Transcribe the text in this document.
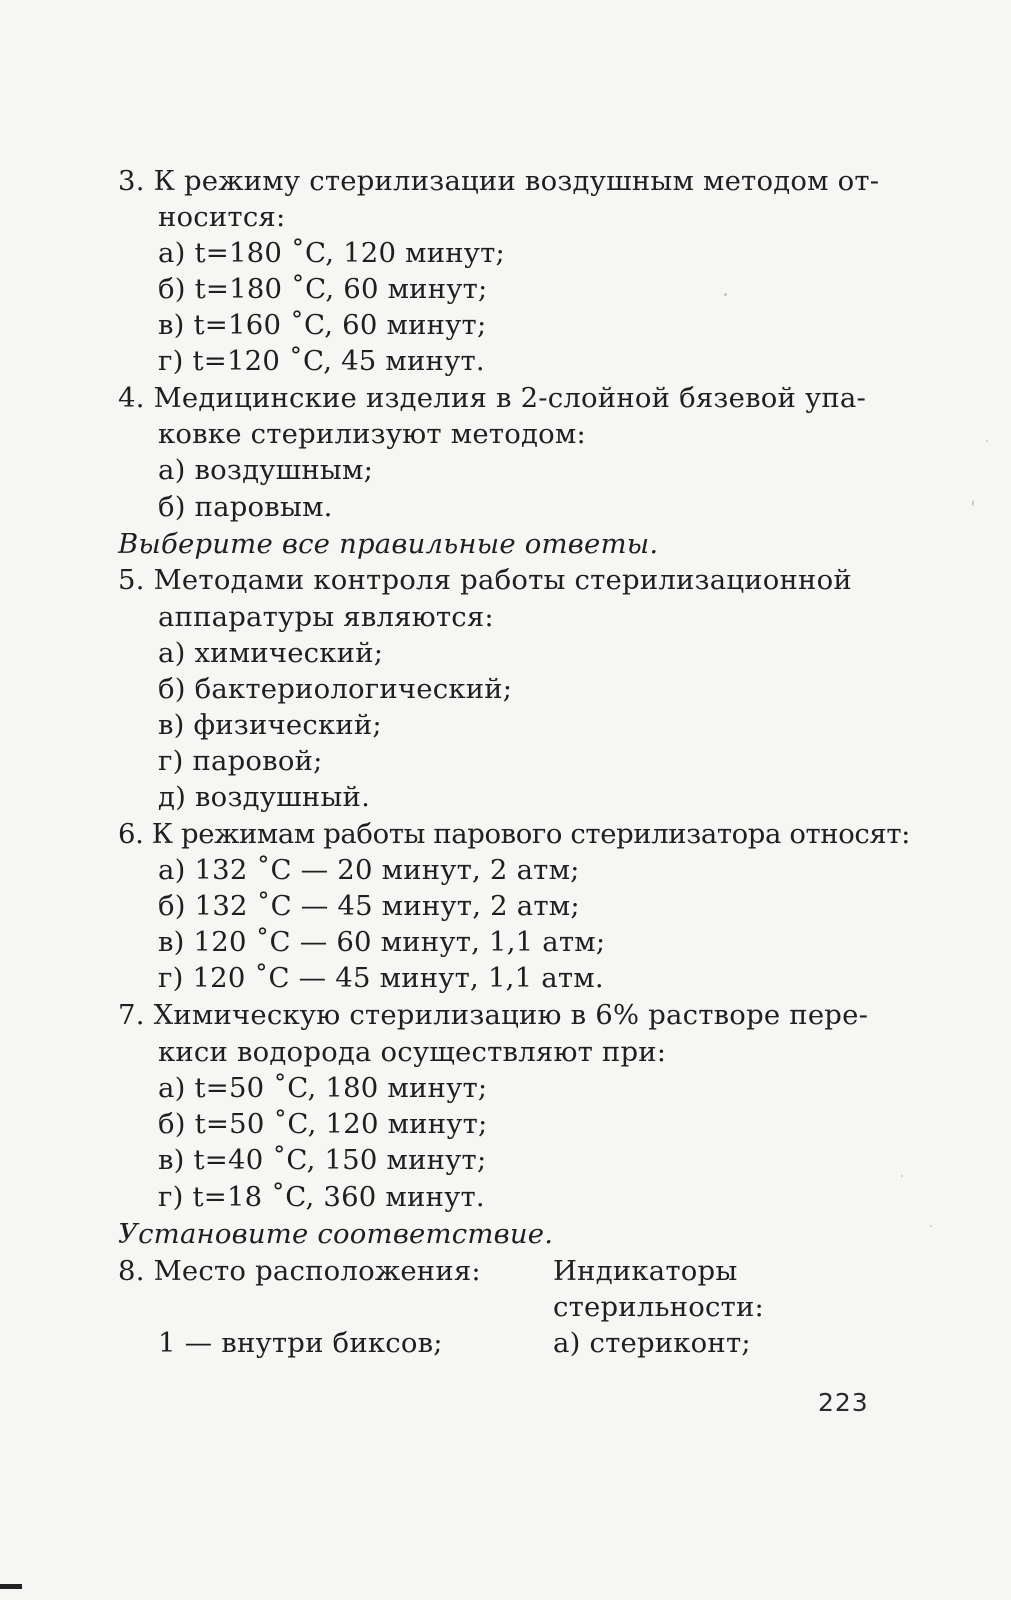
3. К режиму стерилизации воздушным методом от-
носится:
а) t=180 ˚C, 120 минут;
б) t=180 ˚C, 60 минут;
в) t=160 ˚C, 60 минут;
г) t=120 ˚C, 45 минут.
4. Медицинские изделия в 2-слойной бязевой упа-
ковке стерилизуют методом:
а) воздушным;
б) паровым.
Выберите все правильные ответы.
5. Методами контроля работы стерилизационной
аппаратуры являются:
а) химический;
б) бактериологический;
в) физический;
г) паровой;
д) воздушный.
6. К режимам работы парового стерилизатора относят:
а) 132 ˚С — 20 минут, 2 атм;
б) 132 ˚С — 45 минут, 2 атм;
в) 120 ˚С — 60 минут, 1,1 атм;
г) 120 ˚С — 45 минут, 1,1 атм.
7. Химическую стерилизацию в 6% растворе пере-
киси водорода осуществляют при:
а) t=50 ˚C, 180 минут;
б) t=50 ˚C, 120 минут;
в) t=40 ˚C, 150 минут;
г) t=18 ˚C, 360 минут.
Установите соответствие.
8. Место расположения:	Индикаторы
стерильности:
1 — внутри биксов;	а) стериконт;
223
